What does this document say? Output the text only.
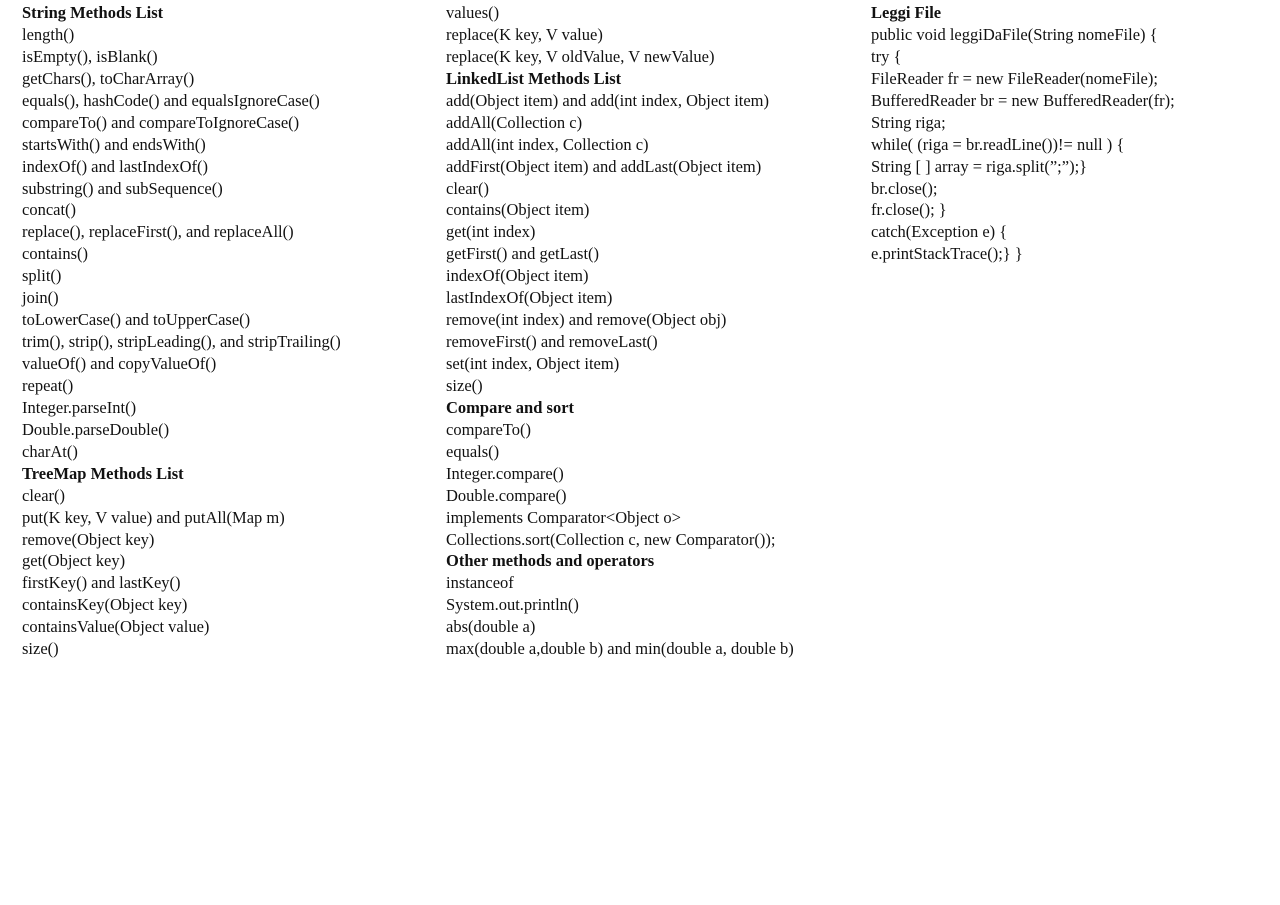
String Methods List
length()
isEmpty(), isBlank()
getChars(), toCharArray()
equals(), hashCode() and equalsIgnoreCase()
compareTo() and compareToIgnoreCase()
startsWith() and endsWith()
indexOf() and lastIndexOf()
substring() and subSequence()
concat()
replace(), replaceFirst(), and replaceAll()
contains()
split()
join()
toLowerCase() and toUpperCase()
trim(), strip(), stripLeading(), and stripTrailing()
valueOf() and copyValueOf()
repeat()
Integer.parseInt()
Double.parseDouble()
charAt()
TreeMap Methods List
clear()
put(K key, V value) and putAll(Map m)
remove(Object key)
get(Object key)
firstKey() and lastKey()
containsKey(Object key)
containsValue(Object value)
size()
values()
replace(K key, V value)
replace(K key, V oldValue, V newValue)
LinkedList Methods List
add(Object item) and add(int index, Object item)
addAll(Collection c)
addAll(int index, Collection c)
addFirst(Object item) and addLast(Object item)
clear()
contains(Object item)
get(int index)
getFirst() and getLast()
indexOf(Object item)
lastIndexOf(Object item)
remove(int index) and remove(Object obj)
removeFirst() and removeLast()
set(int index, Object item)
size()
Compare and sort
compareTo()
equals()
Integer.compare()
Double.compare()
implements Comparator<Object o>
Collections.sort(Collection c, new Comparator());
Other methods and operators
instanceof
System.out.println()
abs(double a)
max(double a,double b) and min(double a, double b)
Leggi File
public void leggiDaFile(String nomeFile) {
try {
FileReader fr = new FileReader(nomeFile);
BufferedReader br = new BufferedReader(fr);
String riga;
while( (riga = br.readLine())!= null ) {
String [ ] array = riga.split(”;”);}
br.close();
fr.close(); }
catch(Exception e) {
e.printStackTrace();} }
